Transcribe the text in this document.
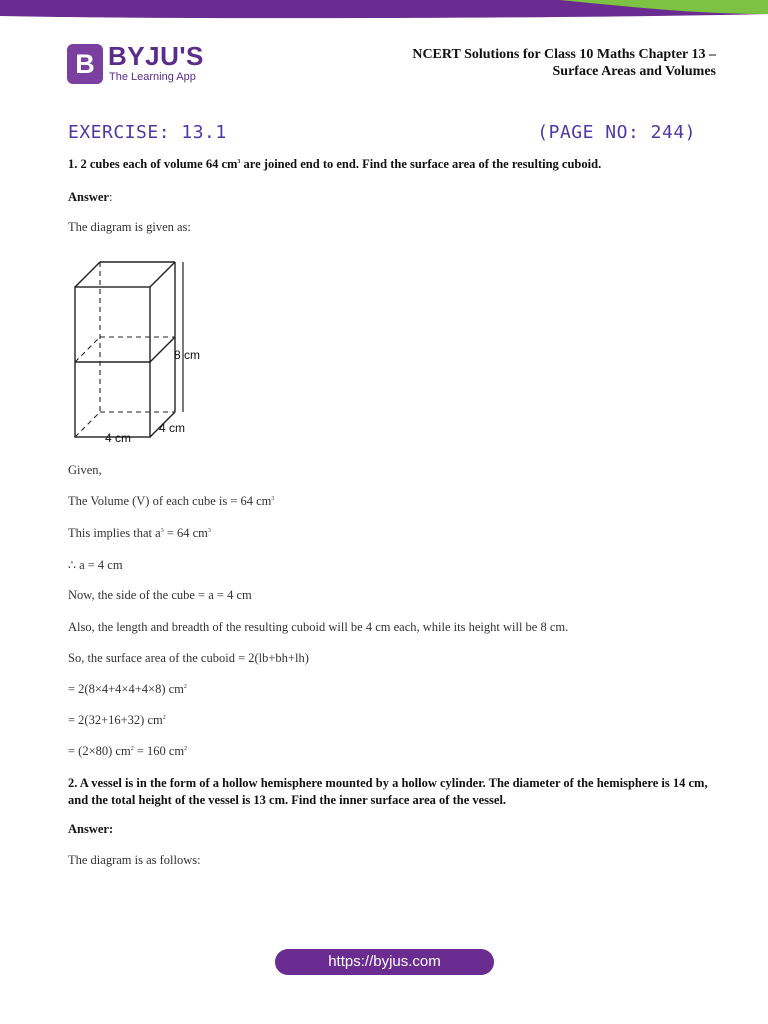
B BYJU'S
The Learning App
NCERT Solutions for Class 10 Maths Chapter 13 –
Surface Areas and Volumes
EXERCISE: 13.1	(PAGE NO: 244)
1. 2 cubes each of volume 64 $cm^3$ are joined end to end. Find the surface area of the resulting cuboid.
Answer:
The diagram is given as:
8 cm
4 cm
4 cm
Given,
The Volume (V) of each cube is = 64 $cm^3$
This implies that $a^3 = 64$ $cm^3$
∴ a = 4 cm
Now, the side of the cube = a = 4 cm
Also, the length and breadth of the resulting cuboid will be 4 cm each, while its height will be 8 cm.
So, the surface area of the cuboid = 2(lb+bh+lh)
= 2(8×4+4×4+4×8) $cm^2$
= 2(32+16+32) $cm^2$
= (2×80) $cm^2 = 160$ $cm^2$
2. A vessel is in the form of a hollow hemisphere mounted by a hollow cylinder. The diameter of the hemisphere is 14 cm, and the total height of the vessel is 13 cm. Find the inner surface area of the vessel.
Answer:
The diagram is as follows:
https://byjus.com
